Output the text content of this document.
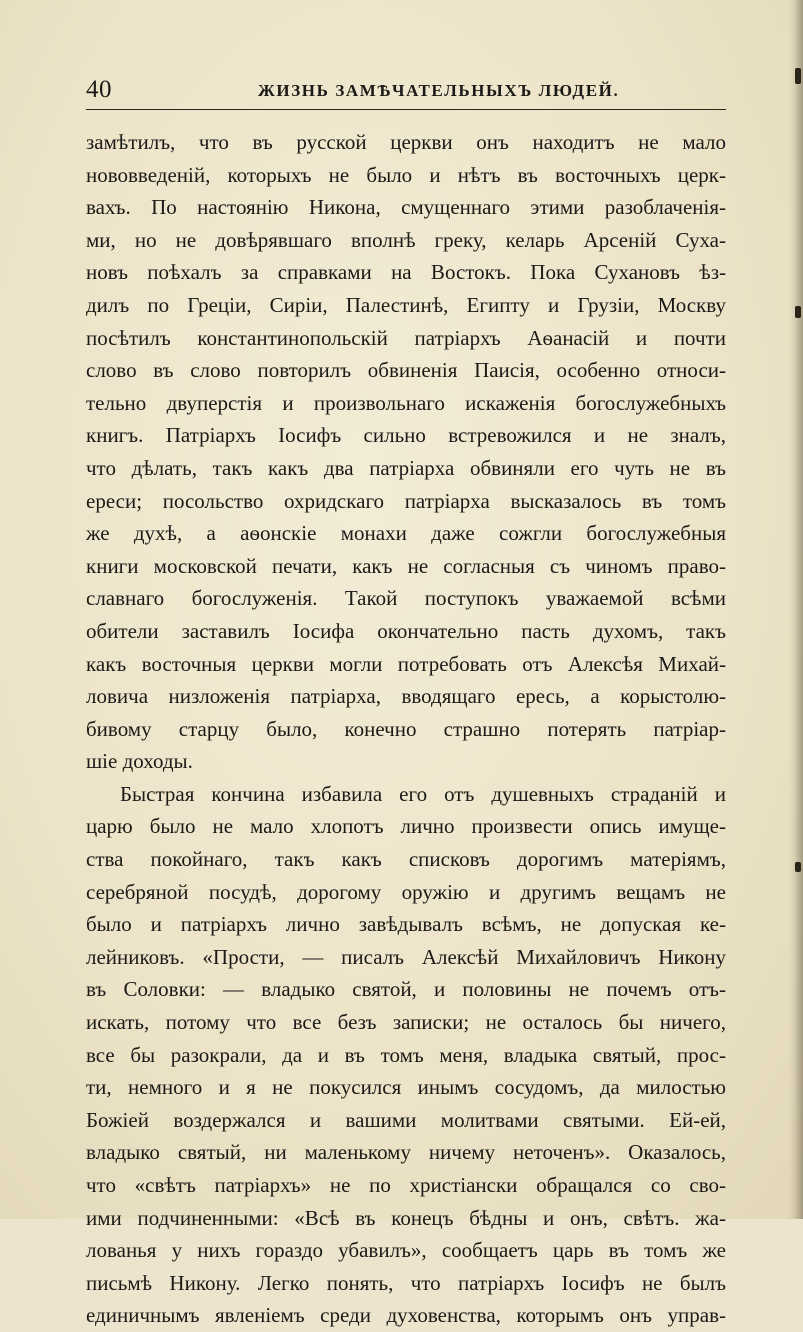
40	ЖИЗНЬ ЗАМѢЧАТЕЛЬНЫХЪ ЛЮДЕЙ.
замѣтилъ, что въ русской церкви онъ находитъ не мало
нововведеній, которыхъ не было и нѣтъ въ восточныхъ церк-
вахъ. По настоянію Никона, смущеннаго этими разоблаченія-
ми, но не довѣрявшаго вполнѣ греку, келарь Арсеній Суха-
новъ поѣхалъ за справками на Востокъ. Пока Сухановъ ѣз-
дилъ по Греціи, Сиріи, Палестинѣ, Египту и Грузіи, Москву
посѣтилъ константинопольскій патріархъ Аѳанасій и почти
слово въ слово повторилъ обвиненія Паисія, особенно относи-
тельно двуперстія и произвольнаго искаженія богослужебныхъ
книгъ. Патріархъ Іосифъ сильно встревожился и не зналъ,
что дѣлать, такъ какъ два патріарха обвиняли его чуть не въ
ереси; посольство охридскаго патріарха высказалось въ томъ
же духѣ, а аѳонскіе монахи даже сожгли богослужебныя
книги московской печати, какъ не согласныя съ чиномъ право-
славнаго богослуженія. Такой поступокъ уважаемой всѣми
обители заставилъ Іосифа окончательно пасть духомъ, такъ
какъ восточныя церкви могли потребовать отъ Алексѣя Михай-
ловича низложенія патріарха, вводящаго ересь, а корыстолю-
бивому старцу было, конечно страшно потерять патріар-
шіе доходы.
Быстрая кончина избавила его отъ душевныхъ страданій и
царю было не мало хлопотъ лично произвести опись имуще-
ства покойнаго, такъ какъ списковъ дорогимъ матеріямъ,
серебряной посудѣ, дорогому оружію и другимъ вещамъ не
было и патріархъ лично завѣдывалъ всѣмъ, не допуская ке-
лейниковъ. «Прости, — писалъ Алексѣй Михайловичъ Никону
въ Соловки: — владыко святой, и половины не почемъ отъ-
искать, потому что все безъ записки; не осталось бы ничего,
все бы разокрали, да и въ томъ меня, владыка святый, прос-
ти, немного и я не покусился инымъ сосудомъ, да милостью
Божіей воздержался и вашими молитвами святыми. Ей-ей,
владыко святый, ни маленькому ничему неточенъ». Оказалось,
что «свѣтъ патріархъ» не по христіански обращался со сво-
ими подчиненными: «Всѣ въ конецъ бѣдны и онъ, свѣтъ. жа-
лованья у нихъ гораздо убавилъ», сообщаетъ царь въ томъ же
письмѣ Никону. Легко понять, что патріархъ Іосифъ не былъ
единичнымъ явленіемъ среди духовенства, которымъ онъ управ-
